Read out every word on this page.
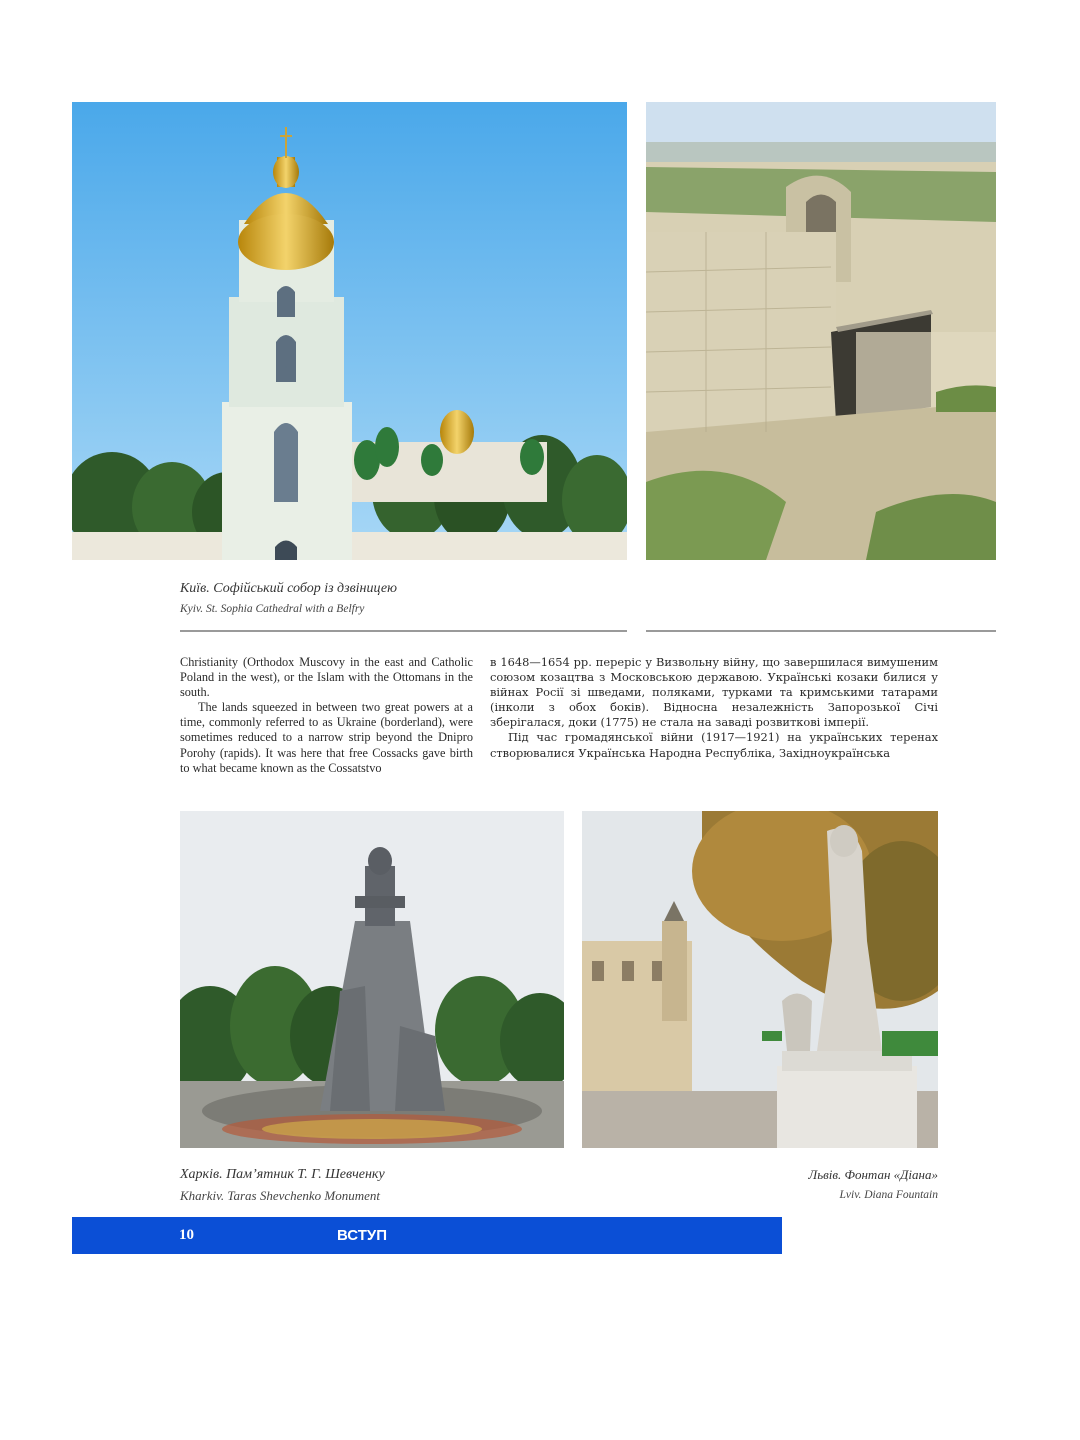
Київ. Софійський собор із дзвіницею
Kyiv. St. Sophia Cathedral with a Belfry

Christianity (Orthodox Muscovy in the east and Catholic Poland in the west), or the Islam with the Ottomans in the south.

The lands squeezed in between two great powers at a time, commonly referred to as Ukraine (borderland), were sometimes reduced to a narrow strip beyond the Dnipro Porohy (rapids). It was here that free Cossacks gave birth to what became known as the Cossatstvo

в 1648—1654 рр. переріс у Визвольну війну, що завершилася вимушеним союзом козацтва з Московською державою. Українські козаки билися у війнах Росії зі шведами, поляками, турками та кримськими татарами (інколи з обох боків). Відносна незалежність Запорозької Січі зберігалася, доки (1775) не стала на заваді розвиткові імперії.

Під час громадянської війни (1917—1921) на українських теренах створювалися Українська Народна Республіка, Західноукраїнська

Харків. Пам’ятник Т. Г. Шевченку
Kharkiv. Taras Shevchenko Monument
Львів. Фонтан «Діана»
Lviv. Diana Fountain
10	ВСТУП
